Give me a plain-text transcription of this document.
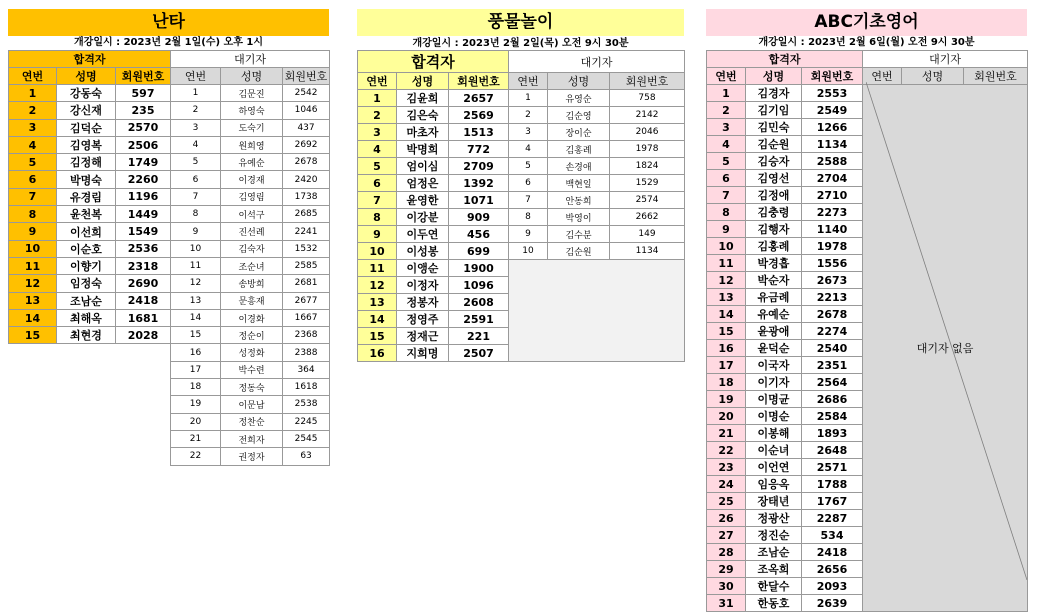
난타
개강일시 : 2023년 2월 1일(수) 오후 1시
합격자			대기자		
연번	성명	회원번호	연번	성명	회원번호
1	강동숙	597	1	김문진	2542
2	강신재	235	2	하영숙	1046
3	김덕순	2570	3	도숙기	437
4	김영복	2506	4	원희영	2692
5	김정해	1749	5	유예순	2678
6	박명숙	2260	6	이경재	2420
7	유경림	1196	7	김영림	1738
8	윤천복	1449	8	이석구	2685
9	이선희	1549	9	진선례	2241
10	이순호	2536	10	김숙자	1532
11	이향기	2318	11	조순녀	2585
12	임정숙	2690	12	송방희	2681
13	조남순	2418	13	문흥재	2677
14	최해옥	1681	14	이경화	1667
15	최현경	2028	15	정순이	2368
			16	성정화	2388
			17	박수련	364
			18	정동숙	1618
			19	이문남	2538
			20	정찬순	2245
			21	전희자	2545
			22	권정자	63
풍물놀이
개강일시 : 2023년 2월 2일(목) 오전 9시 30분
합격자			대기자		
연번	성명	회원번호	연번	성명	회원번호
1	김윤희	2657	1	유영순	758
2	김은숙	2569	2	김순영	2142
3	마초자	1513	3	장이순	2046
4	박명희	772	4	김홍례	1978
5	엄이심	2709	5	손경애	1824
6	엄정은	1392	6	백현일	1529
7	윤영한	1071	7	안동희	2574
8	이강분	909	8	박영이	2662
9	이두연	456	9	김수분	149
10	이성봉	699	10	김순원	1134
11	이앵순	1900			
12	이정자	1096			
13	정봉자	2608			
14	정영주	2591			
15	정재근	221			
16	지희명	2507			
ABC기초영어
개강일시 : 2023년 2월 6일(월) 오전 9시 30분
합격자			대기자		
연번	성명	회원번호	연번	성명	회원번호
1	김경자	2553	대기자 없음		
2	김기임	2549			
3	김민숙	1266			
4	김순원	1134			
5	김승자	2588			
6	김영선	2704			
7	김정애	2710			
8	김충령	2273			
9	김행자	1140			
10	김홍례	1978			
11	박경흡	1556			
12	박순자	2673			
13	유금례	2213			
14	유예순	2678			
15	윤광애	2274			
16	윤덕순	2540			
17	이국자	2351			
18	이기자	2564			
19	이명균	2686			
20	이명순	2584			
21	이봉해	1893			
22	이순녀	2648			
23	이언연	2571			
24	임응옥	1788			
25	장태년	1767			
26	정광산	2287			
27	정진순	534			
28	조남순	2418			
29	조옥희	2656			
30	한달수	2093			
31	한동호	2639			
